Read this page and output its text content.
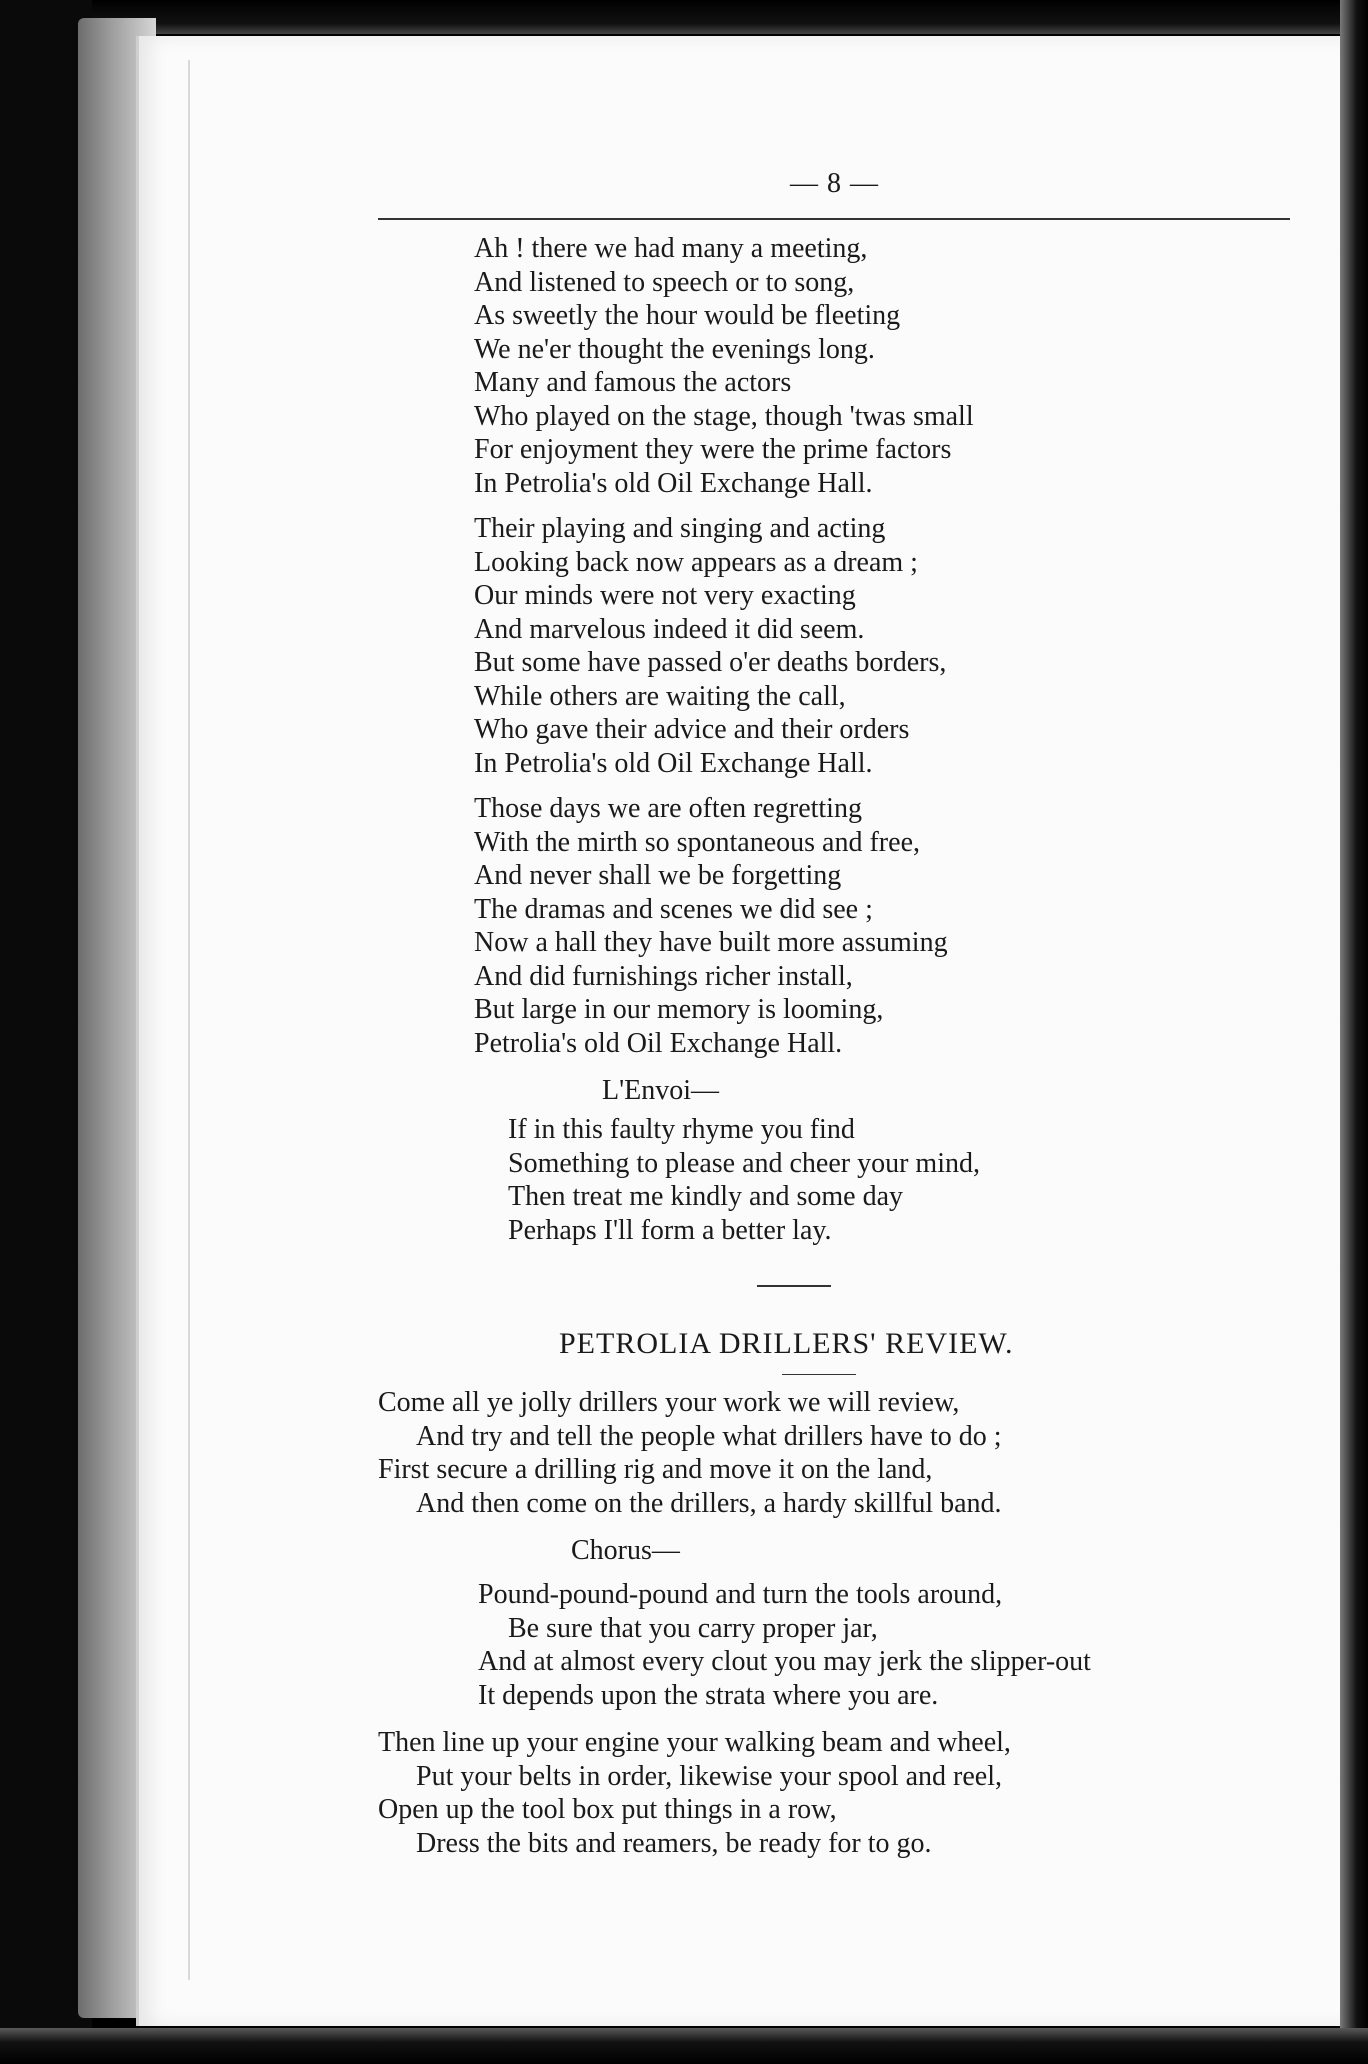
— 8 —
Ah ! there we had many a meeting,
And listened to speech or to song,
As sweetly the hour would be fleeting
We ne'er thought the evenings long.
Many and famous the actors
Who played on the stage, though 'twas small
For enjoyment they were the prime factors
In Petrolia's old Oil Exchange Hall.
Their playing and singing and acting
Looking back now appears as a dream ;
Our minds were not very exacting
And marvelous indeed it did seem.
But some have passed o'er deaths borders,
While others are waiting the call,
Who gave their advice and their orders
In Petrolia's old Oil Exchange Hall.
Those days we are often regretting
With the mirth so spontaneous and free,
And never shall we be forgetting
The dramas and scenes we did see ;
Now a hall they have built more assuming
And did furnishings richer install,
But large in our memory is looming,
Petrolia's old Oil Exchange Hall.
L'Envoi—
If in this faulty rhyme you find
Something to please and cheer your mind,
Then treat me kindly and some day
Perhaps I'll form a better lay.
PETROLIA DRILLERS' REVIEW.
Come all ye jolly drillers your work we will review,
And try and tell the people what drillers have to do ;
First secure a drilling rig and move it on the land,
And then come on the drillers, a hardy skillful band.
Chorus—
Pound-pound-pound and turn the tools around,
Be sure that you carry proper jar,
And at almost every clout you may jerk the slipper-out
It depends upon the strata where you are.
Then line up your engine your walking beam and wheel,
Put your belts in order, likewise your spool and reel,
Open up the tool box put things in a row,
Dress the bits and reamers, be ready for to go.
